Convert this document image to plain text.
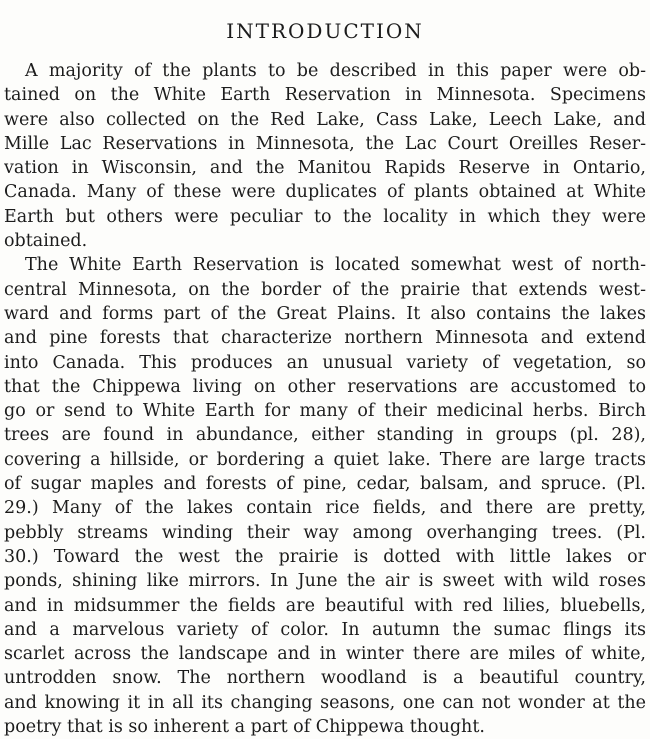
INTRODUCTION
A majority of the plants to be described in this paper were ob-
tained on the White Earth Reservation in Minnesota. Specimens
were also collected on the Red Lake, Cass Lake, Leech Lake, and
Mille Lac Reservations in Minnesota, the Lac Court Oreilles Reser-
vation in Wisconsin, and the Manitou Rapids Reserve in Ontario,
Canada. Many of these were duplicates of plants obtained at White
Earth but others were peculiar to the locality in which they were
obtained.
The White Earth Reservation is located somewhat west of north-
central Minnesota, on the border of the prairie that extends west-
ward and forms part of the Great Plains. It also contains the lakes
and pine forests that characterize northern Minnesota and extend
into Canada. This produces an unusual variety of vegetation, so
that the Chippewa living on other reservations are accustomed to
go or send to White Earth for many of their medicinal herbs. Birch
trees are found in abundance, either standing in groups (pl. 28),
covering a hillside, or bordering a quiet lake. There are large tracts
of sugar maples and forests of pine, cedar, balsam, and spruce. (Pl.
29.) Many of the lakes contain rice fields, and there are pretty,
pebbly streams winding their way among overhanging trees. (Pl.
30.) Toward the west the prairie is dotted with little lakes or
ponds, shining like mirrors. In June the air is sweet with wild roses
and in midsummer the fields are beautiful with red lilies, bluebells,
and a marvelous variety of color. In autumn the sumac flings its
scarlet across the landscape and in winter there are miles of white,
untrodden snow. The northern woodland is a beautiful country,
and knowing it in all its changing seasons, one can not wonder at the
poetry that is so inherent a part of Chippewa thought.
